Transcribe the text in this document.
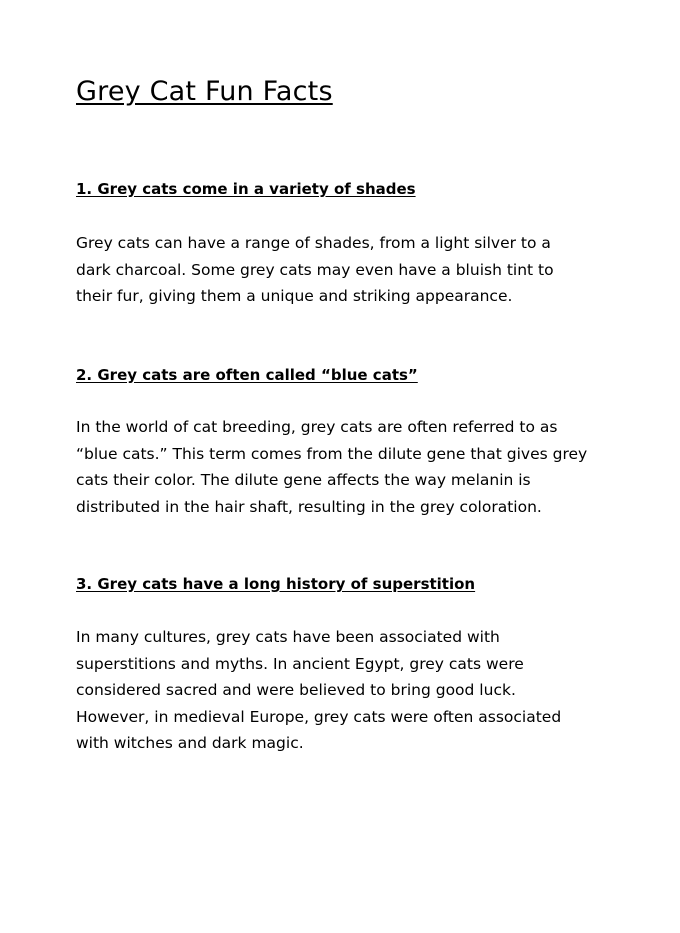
Grey Cat Fun Facts
1. Grey cats come in a variety of shades

Grey cats can have a range of shades, from a light silver to a
dark charcoal. Some grey cats may even have a bluish tint to
their fur, giving them a unique and striking appearance.

2. Grey cats are often called “blue cats”

In the world of cat breeding, grey cats are often referred to as
“blue cats.” This term comes from the dilute gene that gives grey
cats their color. The dilute gene affects the way melanin is
distributed in the hair shaft, resulting in the grey coloration.

3. Grey cats have a long history of superstition

In many cultures, grey cats have been associated with
superstitions and myths. In ancient Egypt, grey cats were
considered sacred and were believed to bring good luck.
However, in medieval Europe, grey cats were often associated
with witches and dark magic.
